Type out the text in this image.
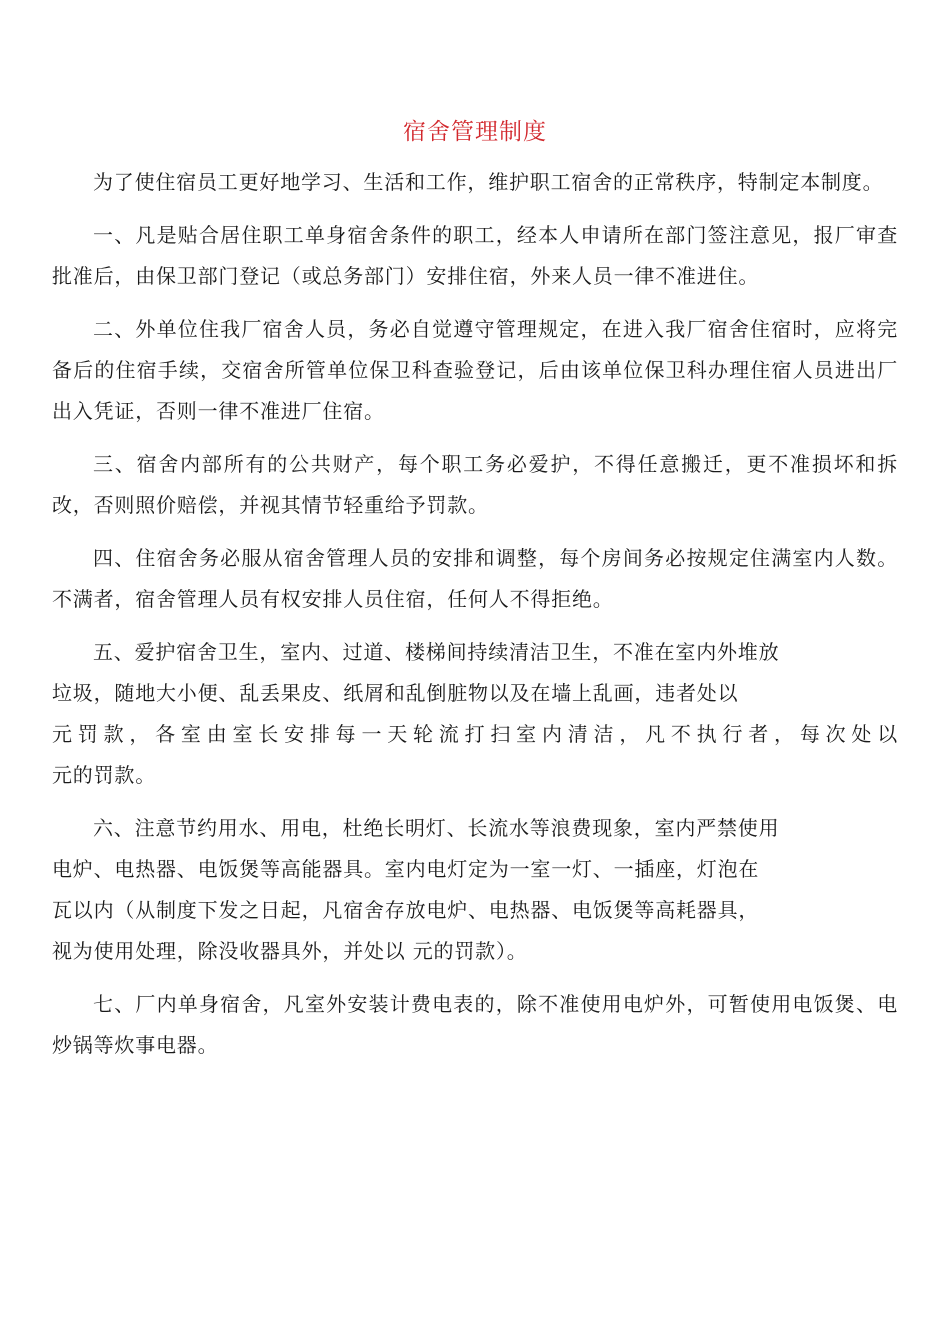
宿舍管理制度

为了使住宿员工更好地学习、生活和工作，维护职工宿舍的正常秩序，特制定本制度。

一、凡是贴合居住职工单身宿舍条件的职工，经本人申请所在部门签注意见，报厂审查批准后，由保卫部门登记（或总务部门）安排住宿，外来人员一律不准进住。

二、外单位住我厂宿舍人员，务必自觉遵守管理规定，在进入我厂宿舍住宿时，应将完备后的住宿手续，交宿舍所管单位保卫科查验登记，后由该单位保卫科办理住宿人员进出厂出入凭证，否则一律不准进厂住宿。

三、宿舍内部所有的公共财产，每个职工务必爱护，不得任意搬迁，更不准损坏和拆改，否则照价赔偿，并视其情节轻重给予罚款。

四、住宿舍务必服从宿舍管理人员的安排和调整，每个房间务必按规定住满室内人数。不满者，宿舍管理人员有权安排人员住宿，任何人不得拒绝。

五、爱护宿舍卫生，室内、过道、楼梯间持续清洁卫生，不准在室内外堆放
垃圾，随地大小便、乱丢果皮、纸屑和乱倒脏物以及在墙上乱画，违者处以
元罚款，各室由室长安排每一天轮流打扫室内清洁，凡不执行者，每次处以
元的罚款。
六、注意节约用水、用电，杜绝长明灯、长流水等浪费现象，室内严禁使用
电炉、电热器、电饭煲等高能器具。室内电灯定为一室一灯、一插座，灯泡在
瓦以内（从制度下发之日起，凡宿舍存放电炉、电热器、电饭煲等高耗器具，
视为使用处理，除没收器具外，并处以 元的罚款）。

七、厂内单身宿舍，凡室外安装计费电表的，除不准使用电炉外，可暂使用电饭煲、电炒锅等炊事电器。
